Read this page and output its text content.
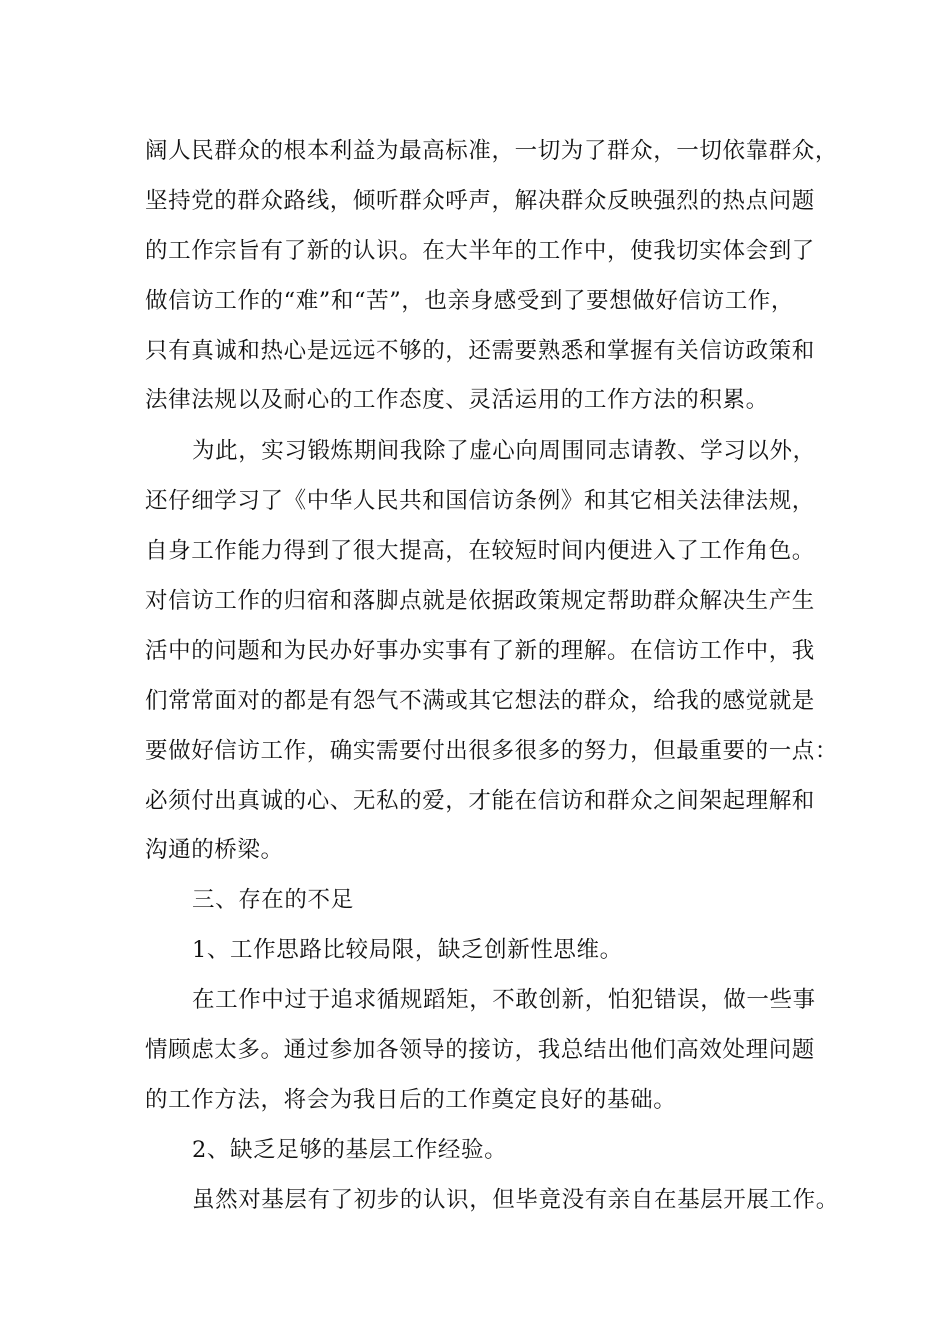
阔人民群众的根本利益为最高标准，一切为了群众，一切依靠群众，
坚持党的群众路线，倾听群众呼声，解决群众反映强烈的热点问题
的工作宗旨有了新的认识。在大半年的工作中，使我切实体会到了
做信访工作的“难”和“苦”，也亲身感受到了要想做好信访工作，
只有真诚和热心是远远不够的，还需要熟悉和掌握有关信访政策和
法律法规以及耐心的工作态度、灵活运用的工作方法的积累。
为此，实习锻炼期间我除了虚心向周围同志请教、学习以外，
还仔细学习了《中华人民共和国信访条例》和其它相关法律法规，
自身工作能力得到了很大提高，在较短时间内便进入了工作角色。
对信访工作的归宿和落脚点就是依据政策规定帮助群众解决生产生
活中的问题和为民办好事办实事有了新的理解。在信访工作中，我
们常常面对的都是有怨气不满或其它想法的群众，给我的感觉就是
要做好信访工作，确实需要付出很多很多的努力，但最重要的一点：
必须付出真诚的心、无私的爱，才能在信访和群众之间架起理解和
沟通的桥梁。
三、存在的不足
1、工作思路比较局限，缺乏创新性思维。
在工作中过于追求循规蹈矩，不敢创新，怕犯错误，做一些事
情顾虑太多。通过参加各领导的接访，我总结出他们高效处理问题
的工作方法，将会为我日后的工作奠定良好的基础。
2、缺乏足够的基层工作经验。
虽然对基层有了初步的认识，但毕竟没有亲自在基层开展工作。
